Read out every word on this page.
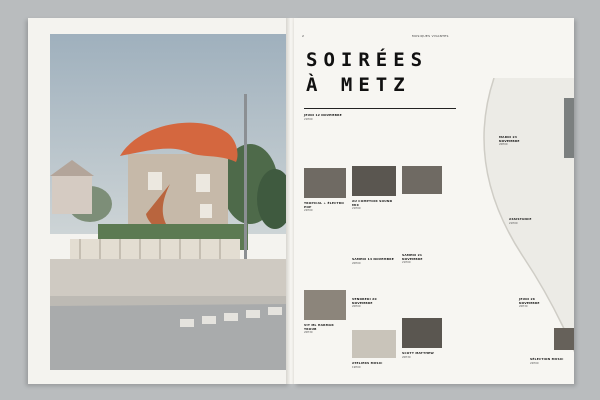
2	MUSIQUES VIVANTES
SOIRÉES
À METZ
JEUDI 12 NOVEMBRE
21H00
TROPICAL + ÉLECTRO POP
22H00
VIT ML HARMAR TROUB
20H30
AU COMPTOIR SOUND MIX
21H00
SAMEDI 14 NOVEMBRE
20H00
VENDREDI 20 NOVEMBRE
20H00
ATELIERS MUSIC
19H00
SAMEDI 21 NOVEMBRE
21H00
SCOTT MATTHEW
20H30
MARDI 24 NOVEMBRE
20H00
ASSISTANCE
21H00
JEUDI 26 NOVEMBRE
20H30
SÉLECTION MUSIC
22H00
